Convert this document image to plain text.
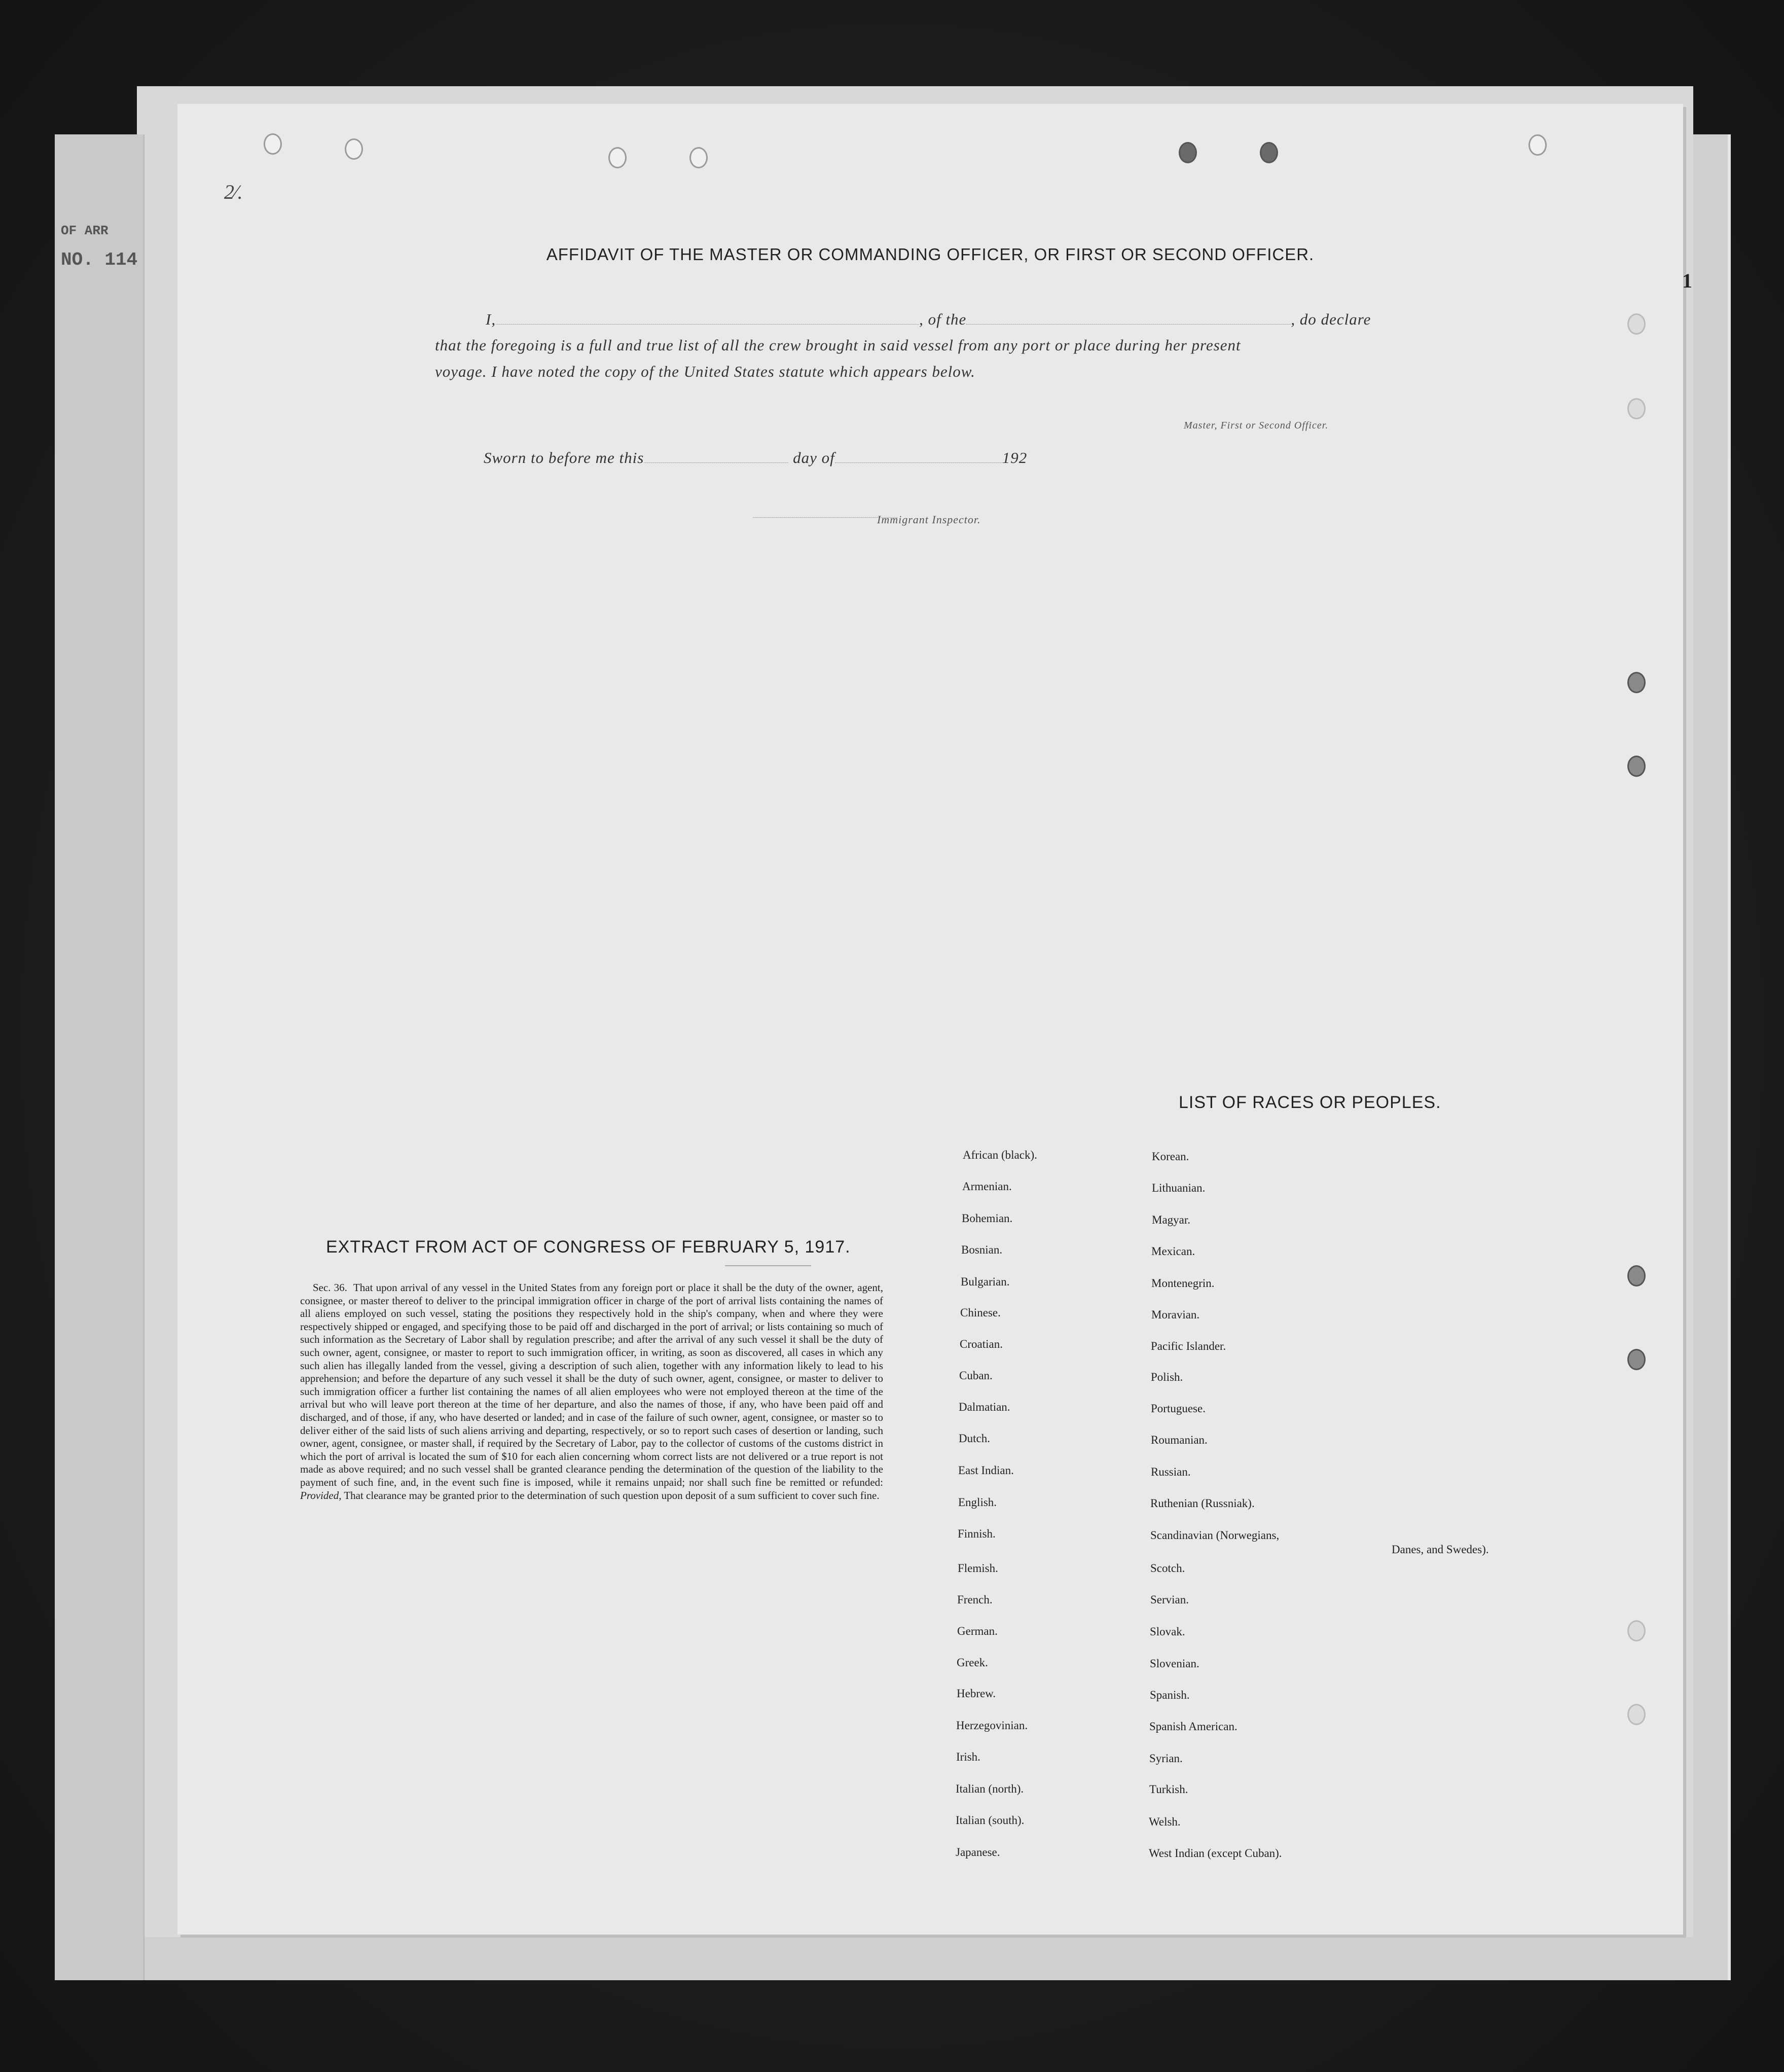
OF ARR
NO. 114
2⁄.
AFFIDAVIT OF THE MASTER OR COMMANDING OFFICER, OR FIRST OR SECOND OFFICER.
I,	, of the	, do declare
that the foregoing is a full and true list of all the crew brought in said vessel from any port or place during her present
voyage. I have noted the copy of the United States statute which appears below.
Master, First or Second Officer.
Sworn to before me this	day of	192
Immigrant Inspector.
EXTRACT FROM ACT OF CONGRESS OF FEBRUARY 5, 1917.
Sec. 36. That upon arrival of any vessel in the United States from any foreign port or place it shall be the duty of the owner, agent, consignee, or master thereof to deliver to the principal immigration officer in charge of the port of arrival lists containing the names of all aliens employed on such vessel, stating the positions they respectively hold in the ship's company, when and where they were respectively shipped or engaged, and specifying those to be paid off and discharged in the port of arrival; or lists containing so much of such information as the Secretary of Labor shall by regulation prescribe; and after the arrival of any such vessel it shall be the duty of such owner, agent, consignee, or master to report to such immigration officer, in writing, as soon as discovered, all cases in which any such alien has illegally landed from the vessel, giving a description of such alien, together with any information likely to lead to his apprehension; and before the departure of any such vessel it shall be the duty of such owner, agent, consignee, or master to deliver to such immigration officer a further list containing the names of all alien employees who were not employed thereon at the time of the arrival but who will leave port thereon at the time of her departure, and also the names of those, if any, who have been paid off and discharged, and of those, if any, who have deserted or landed; and in case of the failure of such owner, agent, consignee, or master so to deliver either of the said lists of such aliens arriving and departing, respectively, or so to report such cases of desertion or landing, such owner, agent, consignee, or master shall, if required by the Secretary of Labor, pay to the collector of customs of the customs district in which the port of arrival is located the sum of $10 for each alien concerning whom correct lists are not delivered or a true report is not made as above required; and no such vessel shall be granted clearance pending the determination of the question of the liability to the payment of such fine, and, in the event such fine is imposed, while it remains unpaid; nor shall such fine be remitted or refunded: Provided, That clearance may be granted prior to the determination of such question upon deposit of a sum sufficient to cover such fine.
LIST OF RACES OR PEOPLES.
African (black).
Armenian.
Bohemian.
Bosnian.
Bulgarian.
Chinese.
Croatian.
Cuban.
Dalmatian.
Dutch.
East Indian.
English.
Finnish.
Flemish.
French.
German.
Greek.
Hebrew.
Herzegovinian.
Irish.
Italian (north).
Italian (south).
Japanese.
Korean.
Lithuanian.
Magyar.
Mexican.
Montenegrin.
Moravian.
Pacific Islander.
Polish.
Portuguese.
Roumanian.
Russian.
Ruthenian (Russniak).
Scandinavian (Norwegians,
Scotch.
Servian.
Slovak.
Slovenian.
Spanish.
Spanish American.
Syrian.
Turkish.
Welsh.
West Indian (except Cuban).
Danes, and Swedes).
1
